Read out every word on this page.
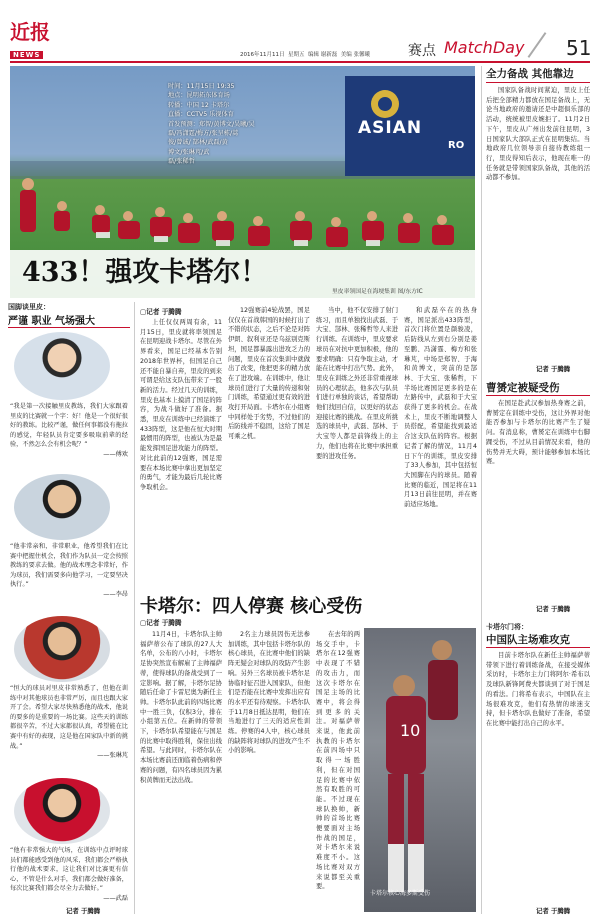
近报
NEWS	2016年11月11日 星期五 编辑 谢新磊 美编 张馨曦	赛点 MatchDay 51
ASIAN
RO
时间：11月15日 19:35
地点：昆明拓东体育场
转播：中国 12 卡塔尔
直播：CCTV5 乐视体育
首发预测：郑智/黄博文/吴曦/吴
磊/冯潇霆/梅方/张呈栋/蒿
俊/曾诚/ 郜林/武磊/黄
博文/张琳芃/武
磊/张稀哲
433！强攻卡塔尔！
里皮率领国足在海埂集训 图/东方IC
国脚谈里皮：
严谨 职业 气场强大
“我是第一次接触里皮教练，我们大家跟着里皮的比赛就一个字：好！他是一个很好很好的教练。比较严谨，做任何事都没有拖拉的感觉，年轻队员肯定要多吸取前辈的经验，不然怎么会有机会呢？”
——傅欢
“他非常亲和，非常职业，他希望我们在比赛中把握住机会，我们作为队员一定会按照教练的要求去做。他的战术理念非常好，作为球员，我们需要多向他学习，一定要坚决执行。”
——李昂
“恒大的球员对里皮非常熟悉了，但他在训练中对其他球员也非常严厉，而且也跟大家开了会。希望大家尽快熟悉他的战术，他说的要多的是重要的一场比赛。这些天的训练都很辛苦，不过大家都很认真，希望能在比赛中有好的表现，这是他在国家队中新的挑战。”
——张琳芃
“他有非常强大的气场，在训练中点评时球员们都能感受到他的风采，我们都会严格执行他的战术要求，这让我们对比赛更有信心，不管是什么对手，我们都会做好准备，每次比赛我们都会尽全力去做好。”
——武磊
记者 于腾腾
▢记者 于腾腾

上任仅仅两周有余，11月15日，里皮就将率领国足在昆明迎战卡塔尔。尽管在外界看来，国足已经基本告别2018年世界杯，但国足自己还不能自暴自弃，里皮的到来可谓是给这支队伍带来了一股新的活力。经过几天的训练，里皮也基本上摸清了国足的阵容，为战斗做好了准备。据悉，里皮在训练中已经演练了433阵型，这是他在恒大时期最惯用的阵型，也被认为是最能发挥国足进攻能力的阵型。对比此前的12强赛，国足需要在本场比赛中拿出更加坚定的勇气，才能为最后几轮比赛争取机会。

12强赛前4轮战罢，国足仅仅在首战韩国的时候打出了不错的状态，之后不论是对阵伊朗、叙利亚还是乌兹别克斯坦，国足都暴露出进攻乏力的问题，里皮在首次集训中就做出了改变，他把更多的精力放在了进攻端。在训练中，他让球员们进行了大量的传递和射门训练，希望通过更有效的进攻打开局面。卡塔尔在小组赛中同样处于劣势，不过他们的后防线并不稳固，这给了国足可乘之机。

当中，他不仅安排了射门练习，而且单独找出武磊、于大宝、郜林、张稀哲等人来进行训练。在训练中，里皮要求球员在对抗中更加积极，他的要求明确：只有争取主动，才能在比赛中打出气势。此外，里皮在训练之外还非常重视球员的心理状态，他多次与队员们进行单独的谈话，希望帮助他们找回自信，以更好的状态迎接比赛的挑战。在里皮所挑选的球员中，武磊、郜林、于大宝等人都是前锋线上的主力，他们也将在比赛中承担重要的进攻任务。

和武磊卒在的热身赛，国足派出433阵型，首次门将位置是颜骏凌，后防线从左到右分别是姜至鹏、冯潇霆、梅方和张琳芃，中场是郑智、于海和黄博文，突前的是郜林、于大宝、张稀哲，下半场比赛国足更多的是在左路传中，武磊和于大宝获得了更多的机会。在战术上，里皮不断地调整人员搭配，希望能找到最适合这支队伍的阵容。根据记者了解的情况，11月4日下午的训练，里皮安排了33人参加，其中包括恒大国脚在内的球员。随着比赛的临近，国足将在11月13日前往昆明，并在赛前适应场地。

卡塔尔：四人停赛 核心受伤
▢记者 于腾腾

11月4日，卡塔尔队主帅福萨蒂公布了球队的27人大名单，公布的八小时，卡塔尔足协突然宣布解雇了主帅福萨蒂，使得球队的备战受到了一定影响。据了解，卡塔尔足协随后任命了卡雷尼奥为新任主帅。卡塔尔队此前的四场比赛中一胜三负，仅积3分，排在小组第五位。在新帅的带领下，卡塔尔队希望能在与国足的比赛中取得胜利，保住出线希望。与此同时，卡塔尔队在本场比赛前还面临着伤病和停赛的问题，有四名球员因为累积黄牌而无法出战。

2名主力球员因伤无法参加训练，其中包括卡塔尔队的核心球员，在比赛中他们的缺阵无疑会对球队的攻防产生影响。另外三名球员被卡塔尔足协临时征召进入国家队，但他们是否能在比赛中发挥出应有的水平还有待观察。卡塔尔队于11月8日抵达昆明，他们在当地进行了三天的适应性训练。停赛的4人中，核心球员的缺阵将对球队的进攻产生不小的影响。

在去年的两场交手中，卡塔尔在12强赛中表现了不错的攻击力，而这次卡塔尔在国足主场的比赛中，将会得到更多的关注。对福萨蒂来说，他此前执教的卡塔尔在前四场中只取得一场胜利，但在对国足的比赛中依然有取胜的可能。不过现在球队换帅，新帅的首场比赛便要面对主场作战的国足，对卡塔尔来说难度不小。这场比赛对双方来说都至关重要。

10
卡塔尔核心海多斯受伤
全力备战 其他靠边

国家队备战时间紧迫，里皮上任后把全部精力都放在国足备战上，无论当地政府的邀请还是中超俱乐部的活动，统统被里皮婉拒了。11月2日下午，里皮从广州出发前往昆明，3日国家队大部队正式在昆明集结。当地政府几位领导亲自接待教练组一行，里皮得知后表示，他现在唯一的任务就是带领国家队备战，其他的活动都不参加。

记者 于腾腾
曹赟定被疑受伤

在国足赴武汉参加热身赛之前，曹赟定在训练中受伤，这让外界对他能否参加与卡塔尔的比赛产生了疑问。有消息称，曹赟定在训练中右脚踝受伤，不过从目前情况来看，他的伤势并无大碍，预计能够参加本场比赛。

记者 于腾腾
卡塔尔门将：
中国队主场难攻克

目前卡塔尔队在新任主帅福萨蒂带领下进行着训练备战，在接受媒体采访时，卡塔尔主力门将阿尔·希布以及球队新锋阿费夫都谈到了对于国足的看法。门将希布表示，中国队在主场很难攻克，他们有热情的球迷支持，但卡塔尔队也做好了准备，希望在比赛中能打出自己的水平。

记者 于腾腾
